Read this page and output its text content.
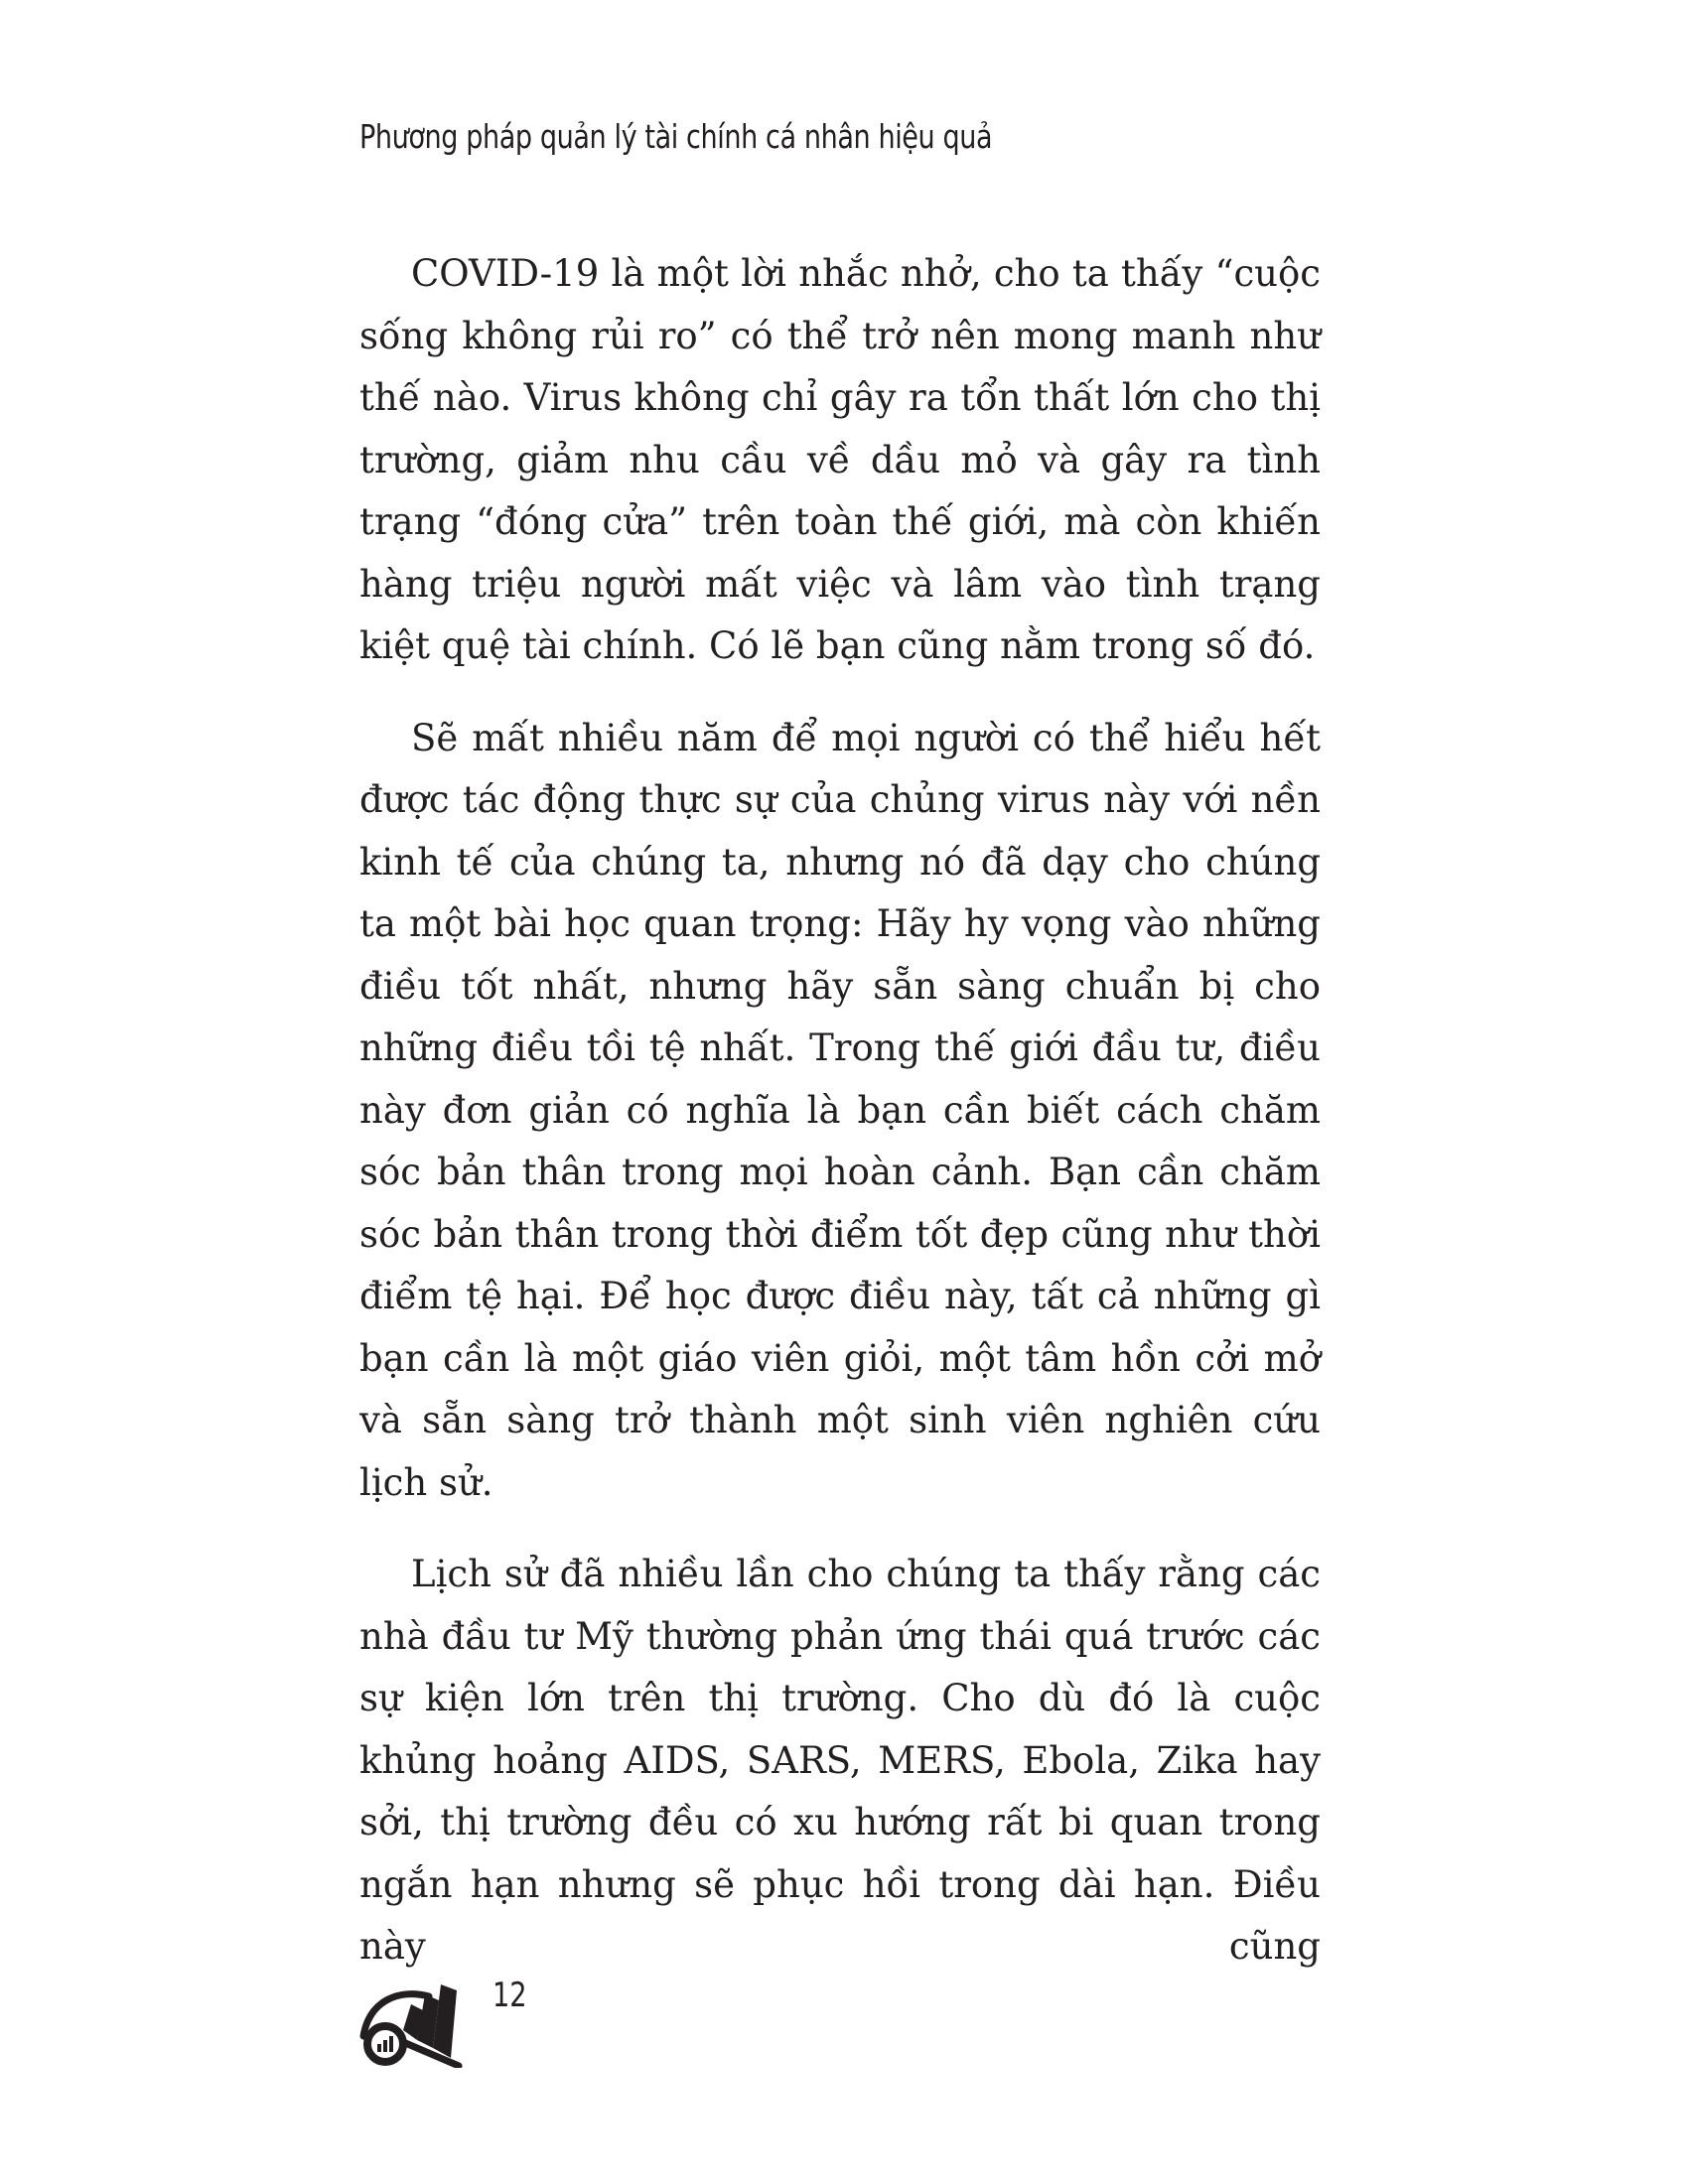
Phương pháp quản lý tài chính cá nhân hiệu quả

COVID-19 là một lời nhắc nhở, cho ta thấy “cuộc sống không rủi ro” có thể trở nên mong manh như thế nào. Virus không chỉ gây ra tổn thất lớn cho thị trường, giảm nhu cầu về dầu mỏ và gây ra tình trạng “đóng cửa” trên toàn thế giới, mà còn khiến hàng triệu người mất việc và lâm vào tình trạng kiệt quệ tài chính. Có lẽ bạn cũng nằm trong số đó.

Sẽ mất nhiều năm để mọi người có thể hiểu hết được tác động thực sự của chủng virus này với nền kinh tế của chúng ta, nhưng nó đã dạy cho chúng ta một bài học quan trọng: Hãy hy vọng vào những điều tốt nhất, nhưng hãy sẵn sàng chuẩn bị cho những điều tồi tệ nhất. Trong thế giới đầu tư, điều này đơn giản có nghĩa là bạn cần biết cách chăm sóc bản thân trong mọi hoàn cảnh. Bạn cần chăm sóc bản thân trong thời điểm tốt đẹp cũng như thời điểm tệ hại. Để học được điều này, tất cả những gì bạn cần là một giáo viên giỏi, một tâm hồn cởi mở và sẵn sàng trở thành một sinh viên nghiên cứu lịch sử.

Lịch sử đã nhiều lần cho chúng ta thấy rằng các nhà đầu tư Mỹ thường phản ứng thái quá trước các sự kiện lớn trên thị trường. Cho dù đó là cuộc khủng hoảng AIDS, SARS, MERS, Ebola, Zika hay sởi, thị trường đều có xu hướng rất bi quan trong ngắn hạn nhưng sẽ phục hồi trong dài hạn. Điều này cũng

12
